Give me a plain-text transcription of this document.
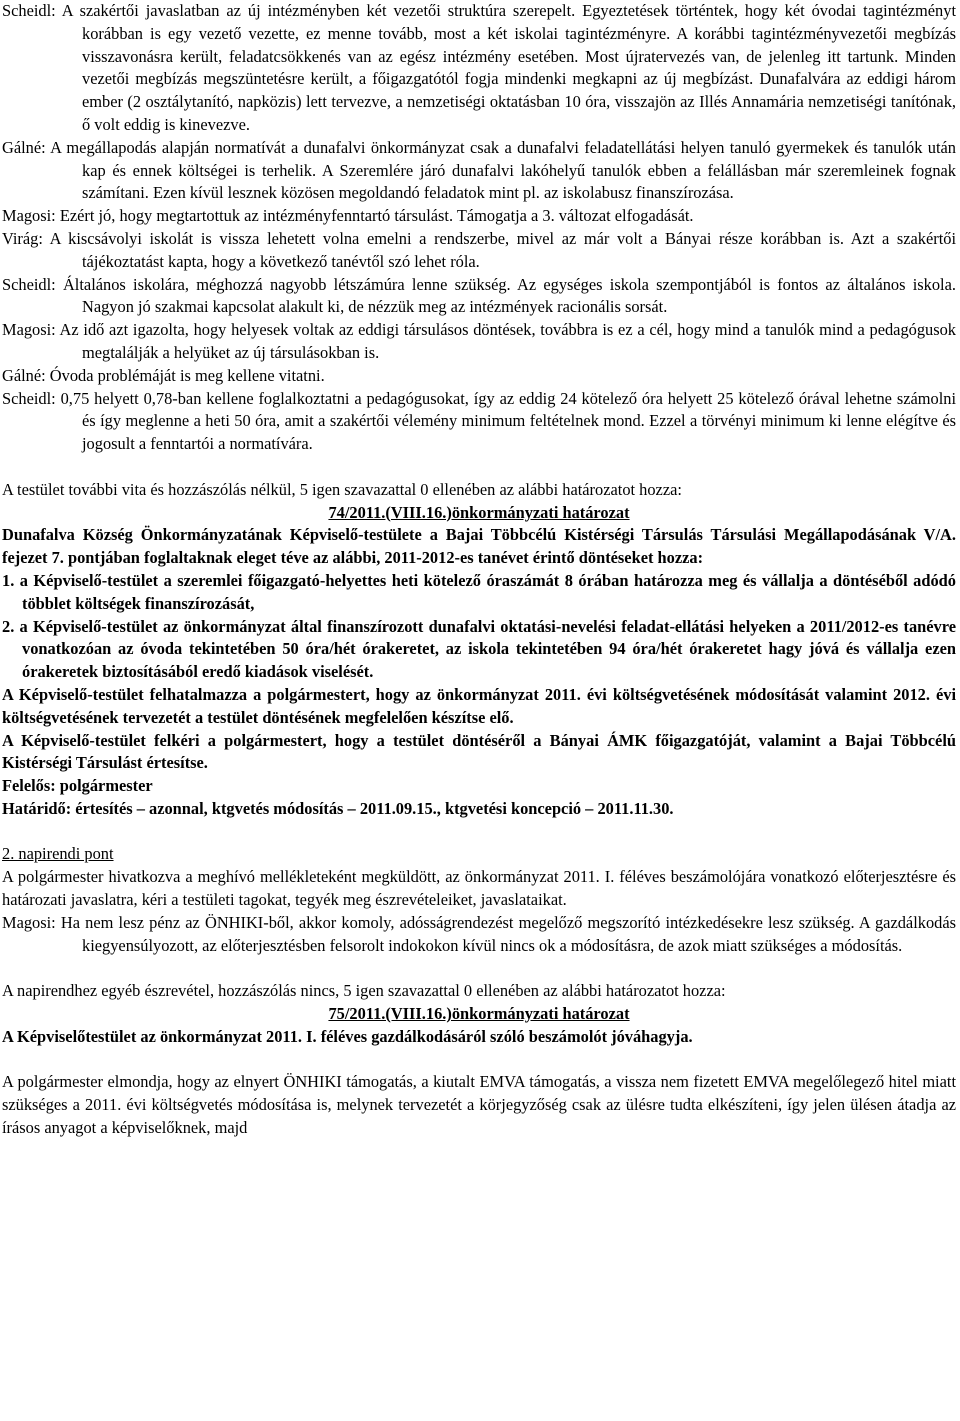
Scheidl: A szakértői javaslatban az új intézményben két vezetői struktúra szerepelt. Egyeztetések történtek, hogy két óvodai tagintézményt korábban is egy vezető vezette, ez menne tovább, most a két iskolai tagintézményre. A korábbi tagintézményvezetői megbízás visszavonásra került, feladatcsökkenés van az egész intézmény esetében. Most újratervezés van, de jelenleg itt tartunk. Minden vezetői megbízás megszüntetésre került, a főigazgatótól fogja mindenki megkapni az új megbízást. Dunafalvára az eddigi három ember (2 osztálytanító, napközis) lett tervezve, a nemzetiségi oktatásban 10 óra, visszajön az Illés Annamária nemzetiségi tanítónak, ő volt eddig is kinevezve.

Gálné: A megállapodás alapján normatívát a dunafalvi önkormányzat csak a dunafalvi feladatellátási helyen tanuló gyermekek és tanulók után kap és ennek költségei is terhelik. A Szeremlére járó dunafalvi lakóhelyű tanulók ebben a felállásban már szeremleinek fognak számítani. Ezen kívül lesznek közösen megoldandó feladatok mint pl. az iskolabusz finanszírozása.

Magosi: Ezért jó, hogy megtartottuk az intézményfenntartó társulást. Támogatja a 3. változat elfogadását.

Virág: A kiscsávolyi iskolát is vissza lehetett volna emelni a rendszerbe, mivel az már volt a Bányai része korábban is. Azt a szakértői tájékoztatást kapta, hogy a következő tanévtől szó lehet róla.

Scheidl: Általános iskolára, méghozzá nagyobb létszámúra lenne szükség. Az egységes iskola szempontjából is fontos az általános iskola. Nagyon jó szakmai kapcsolat alakult ki, de nézzük meg az intézmények racionális sorsát.

Magosi: Az idő azt igazolta, hogy helyesek voltak az eddigi társulásos döntések, továbbra is ez a cél, hogy mind a tanulók mind a pedagógusok megtalálják a helyüket az új társulásokban is.

Gálné: Óvoda problémáját is meg kellene vitatni.

Scheidl: 0,75 helyett 0,78-ban kellene foglalkoztatni a pedagógusokat, így az eddig 24 kötelező óra helyett 25 kötelező órával lehetne számolni és így meglenne a heti 50 óra, amit a szakértői vélemény minimum feltételnek mond. Ezzel a törvényi minimum ki lenne elégítve és jogosult a fenntartói a normatívára.

A testület további vita és hozzászólás nélkül, 5 igen szavazattal 0 ellenében az alábbi határozatot hozza:

74/2011.(VIII.16.)önkormányzati határozat

Dunafalva Község Önkormányzatának Képviselő-testülete a Bajai Többcélú Kistérségi Társulás Társulási Megállapodásának V/A. fejezet 7. pontjában foglaltaknak eleget téve az alábbi, 2011-2012-es tanévet érintő döntéseket hozza:

1. a Képviselő-testület a szeremlei főigazgató-helyettes heti kötelező óraszámát 8 órában határozza meg és vállalja a döntéséből adódó többlet költségek finanszírozását,

2. a Képviselő-testület az önkormányzat által finanszírozott dunafalvi oktatási-nevelési feladat-ellátási helyeken a 2011/2012-es tanévre vonatkozóan az óvoda tekintetében 50 óra/hét órakeretet, az iskola tekintetében 94 óra/hét órakeretet hagy jóvá és vállalja ezen órakeretek biztosításából eredő kiadások viselését.

A Képviselő-testület felhatalmazza a polgármestert, hogy az önkormányzat 2011. évi költségvetésének módosítását valamint 2012. évi költségvetésének tervezetét a testület döntésének megfelelően készítse elő.

A Képviselő-testület felkéri a polgármestert, hogy a testület döntéséről a Bányai ÁMK főigazgatóját, valamint a Bajai Többcélú Kistérségi Társulást értesítse.

Felelős: polgármester

Határidő: értesítés – azonnal, ktgvetés módosítás – 2011.09.15., ktgvetési koncepció – 2011.11.30.

2. napirendi pont

A polgármester hivatkozva a meghívó mellékleteként megküldött, az önkormányzat 2011. I. féléves beszámolójára vonatkozó előterjesztésre és határozati javaslatra, kéri a testületi tagokat, tegyék meg észrevételeiket, javaslataikat.

Magosi: Ha nem lesz pénz az ÖNHIKI-ből, akkor komoly, adósságrendezést megelőző megszorító intézkedésekre lesz szükség. A gazdálkodás kiegyensúlyozott, az előterjesztésben felsorolt indokokon kívül nincs ok a módosításra, de azok miatt szükséges a módosítás.

A napirendhez egyéb észrevétel, hozzászólás nincs, 5 igen szavazattal 0 ellenében az alábbi határozatot hozza:

75/2011.(VIII.16.)önkormányzati határozat

A Képviselőtestület az önkormányzat 2011. I. féléves gazdálkodásáról szóló beszámolót jóváhagyja.

A polgármester elmondja, hogy az elnyert ÖNHIKI támogatás, a kiutalt EMVA támogatás, a vissza nem fizetett EMVA megelőlegező hitel miatt szükséges a 2011. évi költségvetés módosítása is, melynek tervezetét a körjegyzőség csak az ülésre tudta elkészíteni, így jelen ülésen átadja az írásos anyagot a képviselőknek, majd
